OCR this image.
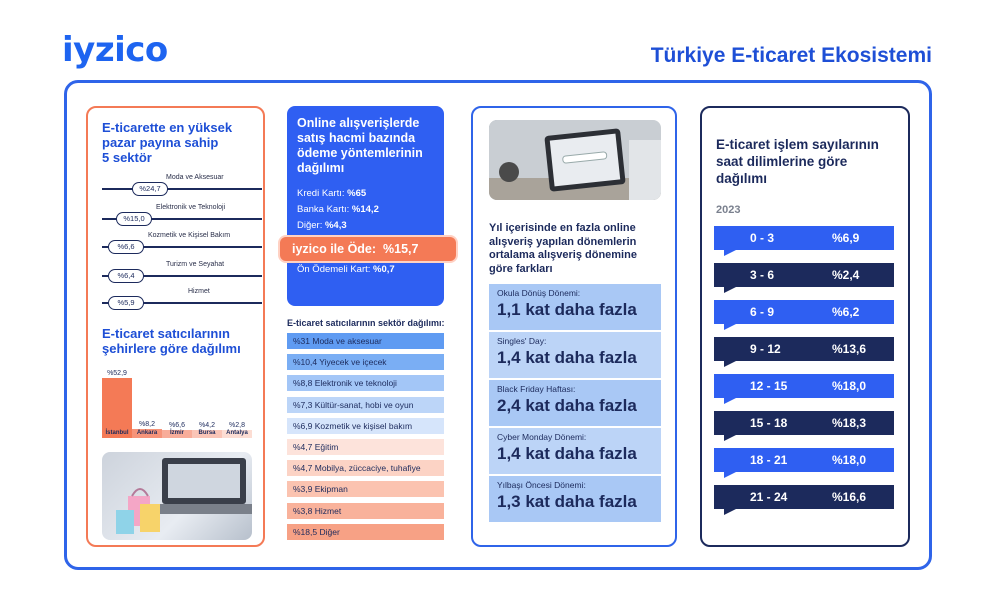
iyzico	Türkiye E-ticaret Ekosistemi
E-ticarette en yüksek
pazar payına sahip
5 sektör
Moda ve Aksesuar
%24,7
Elektronik ve Teknoloji
%15,0
Kozmetik ve Kişisel Bakım
%6,6
Turizm ve Seyahat
%6,4
Hizmet
%5,9
E-ticaret satıcılarının
şehirlere göre dağılımı
%52,9
İstanbul
%8,2
Ankara
%6,6
İzmir
%4,2
Bursa
%2,8
Antalya
Online alışverişlerde
satış hacmi bazında
ödeme yöntemlerinin
dağılımı
Kredi Kartı: %65
Banka Kartı: %14,2
Diğer: %4,3
Ön Ödemeli Kart: %0,7
iyzico ile Öde: %15,7
E-ticaret satıcılarının sektör dağılımı:
%31 Moda ve aksesuar
%10,4 Yiyecek ve içecek
%8,8 Elektronik ve teknoloji
%7,3 Kültür-sanat, hobi ve oyun
%6,9 Kozmetik ve kişisel bakım
%4,7 Eğitim
%4,7 Mobilya, züccaciye, tuhafiye
%3,9 Ekipman
%3,8 Hizmet
%18,5 Diğer
Yıl içerisinde en fazla online
alışveriş yapılan dönemlerin
ortalama alışveriş dönemine
göre farkları
Okula Dönüş Dönemi:
1,1 kat daha fazla
Singles' Day:
1,4 kat daha fazla
Black Friday Haftası:
2,4 kat daha fazla
Cyber Monday Dönemi:
1,4 kat daha fazla
Yılbaşı Öncesi Dönemi:
1,3 kat daha fazla
E-ticaret işlem sayılarının
saat dilimlerine göre
dağılımı
2023
0 - 3	%6,9
3 - 6	%2,4
6 - 9	%6,2
9 - 12	%13,6
12 - 15	%18,0
15 - 18	%18,3
18 - 21	%18,0
21 - 24	%16,6
